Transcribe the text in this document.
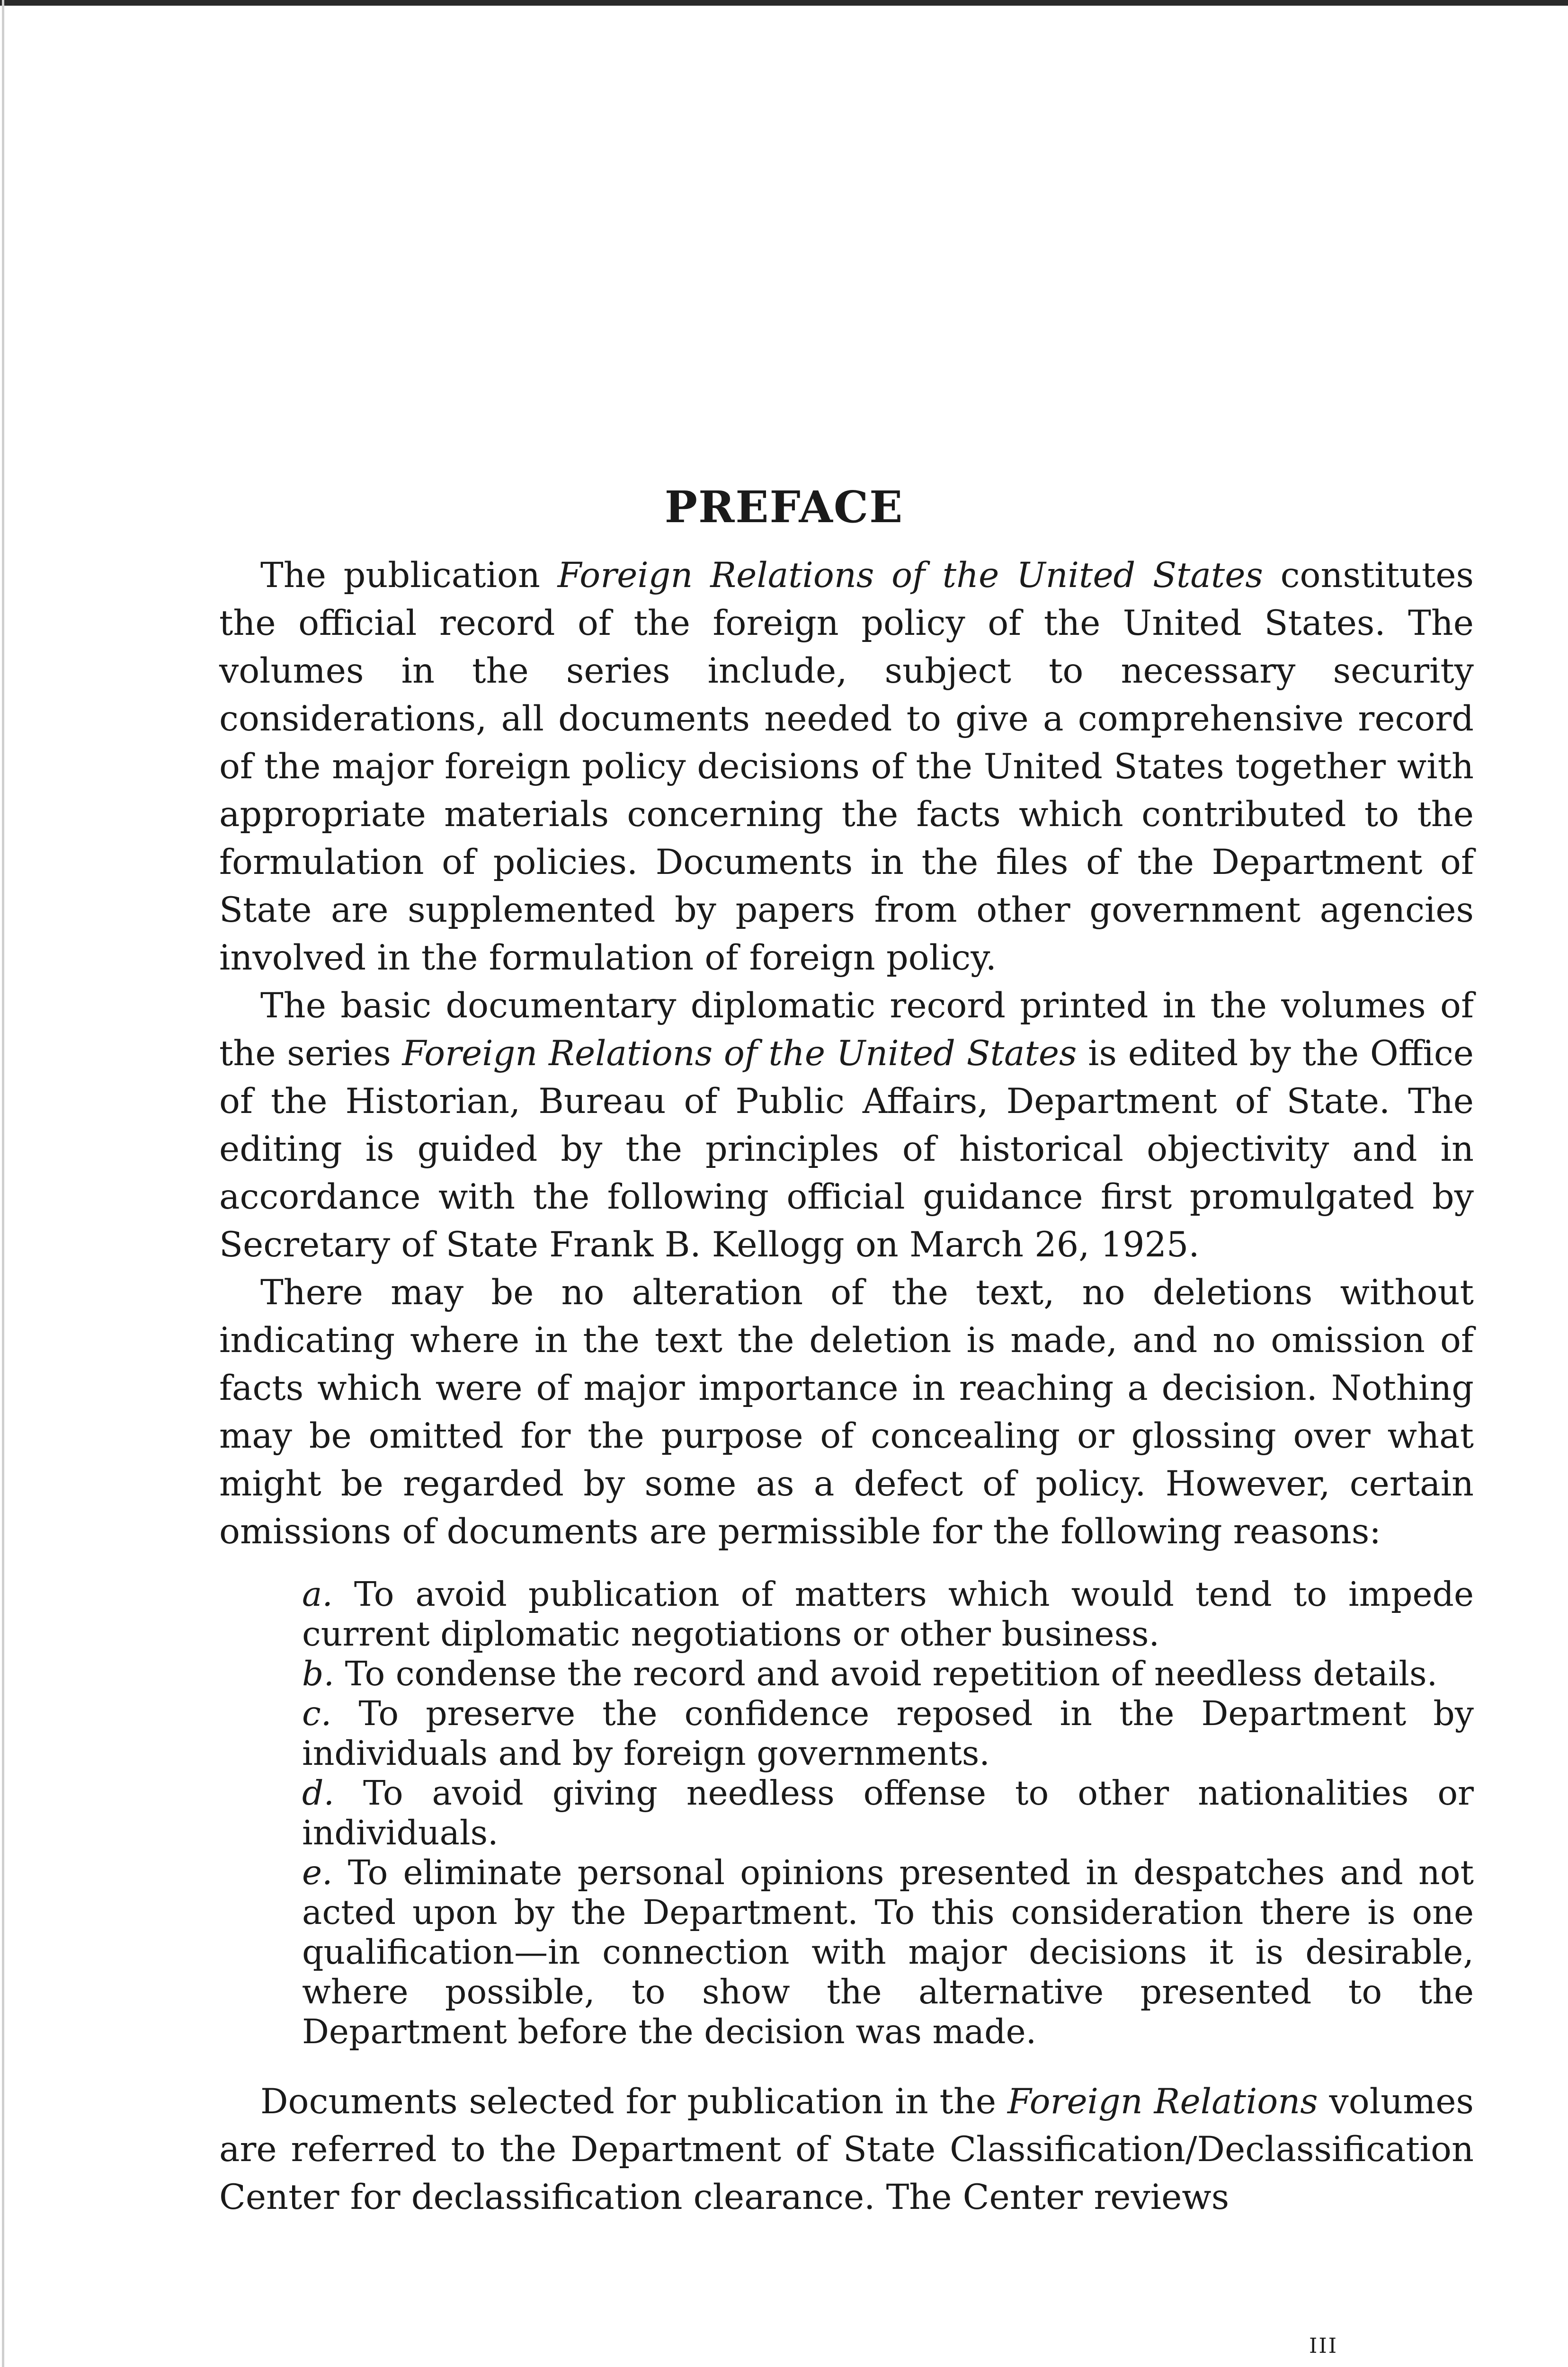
PREFACE

The publication Foreign Relations of the United States constitutes the official record of the foreign policy of the United States. The volumes in the series include, subject to necessary security considerations, all documents needed to give a comprehensive record of the major foreign policy decisions of the United States together with appropriate materials concerning the facts which contributed to the formulation of policies. Documents in the files of the Department of State are supplemented by papers from other government agencies involved in the formulation of foreign policy.

The basic documentary diplomatic record printed in the volumes of the series Foreign Relations of the United States is edited by the Office of the Historian, Bureau of Public Affairs, Department of State. The editing is guided by the principles of historical objectivity and in accordance with the following official guidance first promulgated by Secretary of State Frank B. Kellogg on March 26, 1925.

There may be no alteration of the text, no deletions without indicating where in the text the deletion is made, and no omission of facts which were of major importance in reaching a decision. Nothing may be omitted for the purpose of concealing or glossing over what might be regarded by some as a defect of policy. However, certain omissions of documents are permissible for the following reasons:

a. To avoid publication of matters which would tend to impede current diplomatic negotiations or other business.

b. To condense the record and avoid repetition of needless details.

c. To preserve the confidence reposed in the Department by individuals and by foreign governments.

d. To avoid giving needless offense to other nationalities or individuals.

e. To eliminate personal opinions presented in despatches and not acted upon by the Department. To this consideration there is one qualification—in connection with major decisions it is desirable, where possible, to show the alternative presented to the Department before the decision was made.

Documents selected for publication in the Foreign Relations volumes are referred to the Department of State Classification/Declassification Center for declassification clearance. The Center reviews

III
